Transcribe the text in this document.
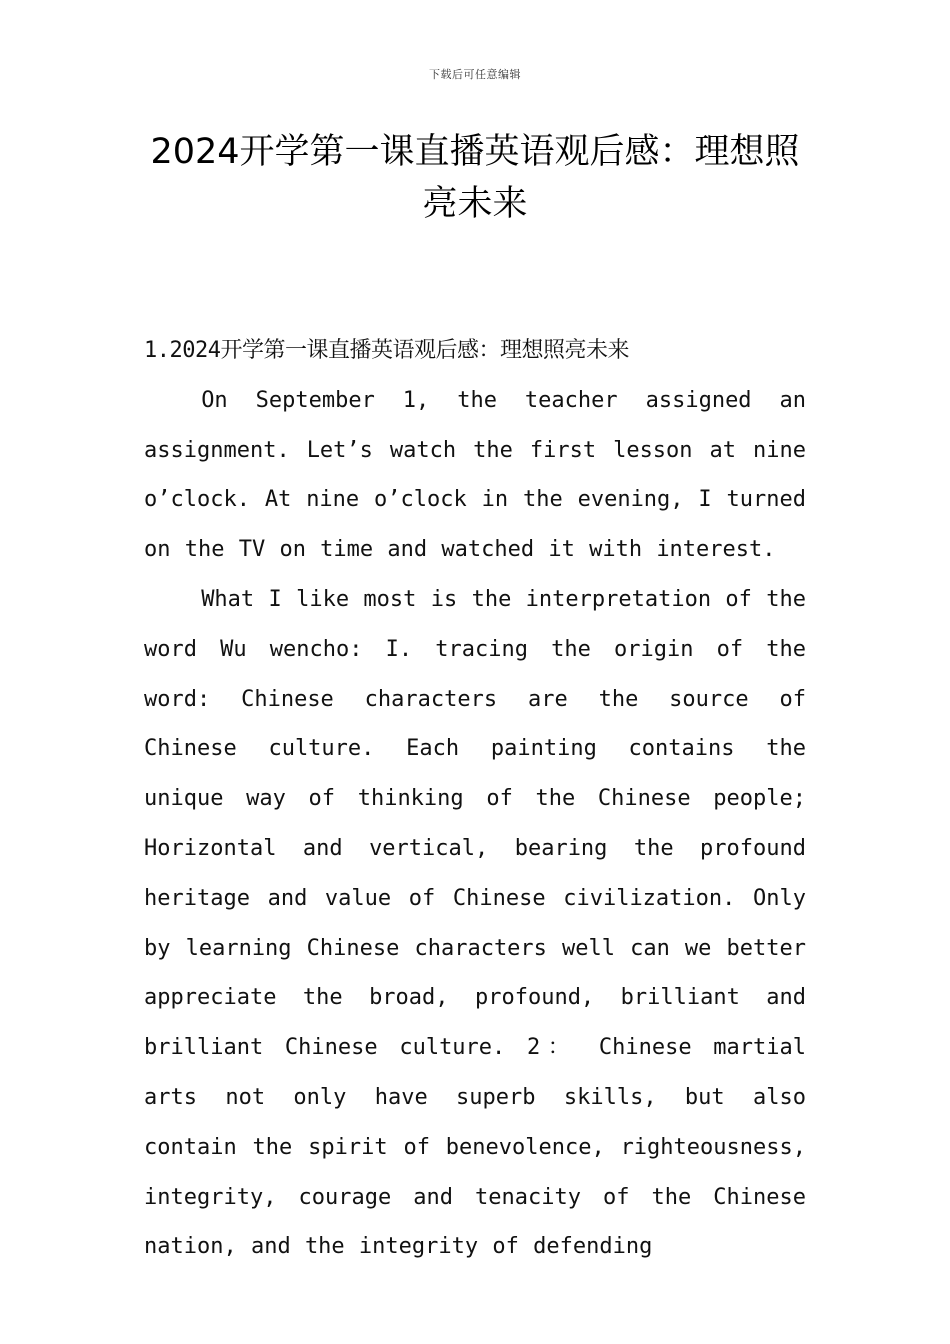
下载后可任意编辑
2024开学第一课直播英语观后感：理想照亮未来
1.2024开学第一课直播英语观后感：理想照亮未来

On September 1, the teacher assigned an assignment. Let’s watch the first lesson at nine o’clock. At nine o’clock in the evening, I turned on the TV on time and watched it with interest.

What I like most is the interpretation of the word Wu wencho: I. tracing the origin of the word: Chinese characters are the source of Chinese culture. Each painting contains the unique way of thinking of the Chinese people; Horizontal and vertical, bearing the profound heritage and value of Chinese civilization. Only by learning Chinese characters well can we better appreciate the broad, profound, brilliant and brilliant Chinese culture. 2： Chinese martial arts not only have superb skills, but also contain the spirit of benevolence, righteousness, integrity, courage and tenacity of the Chinese nation, and the integrity of defending
